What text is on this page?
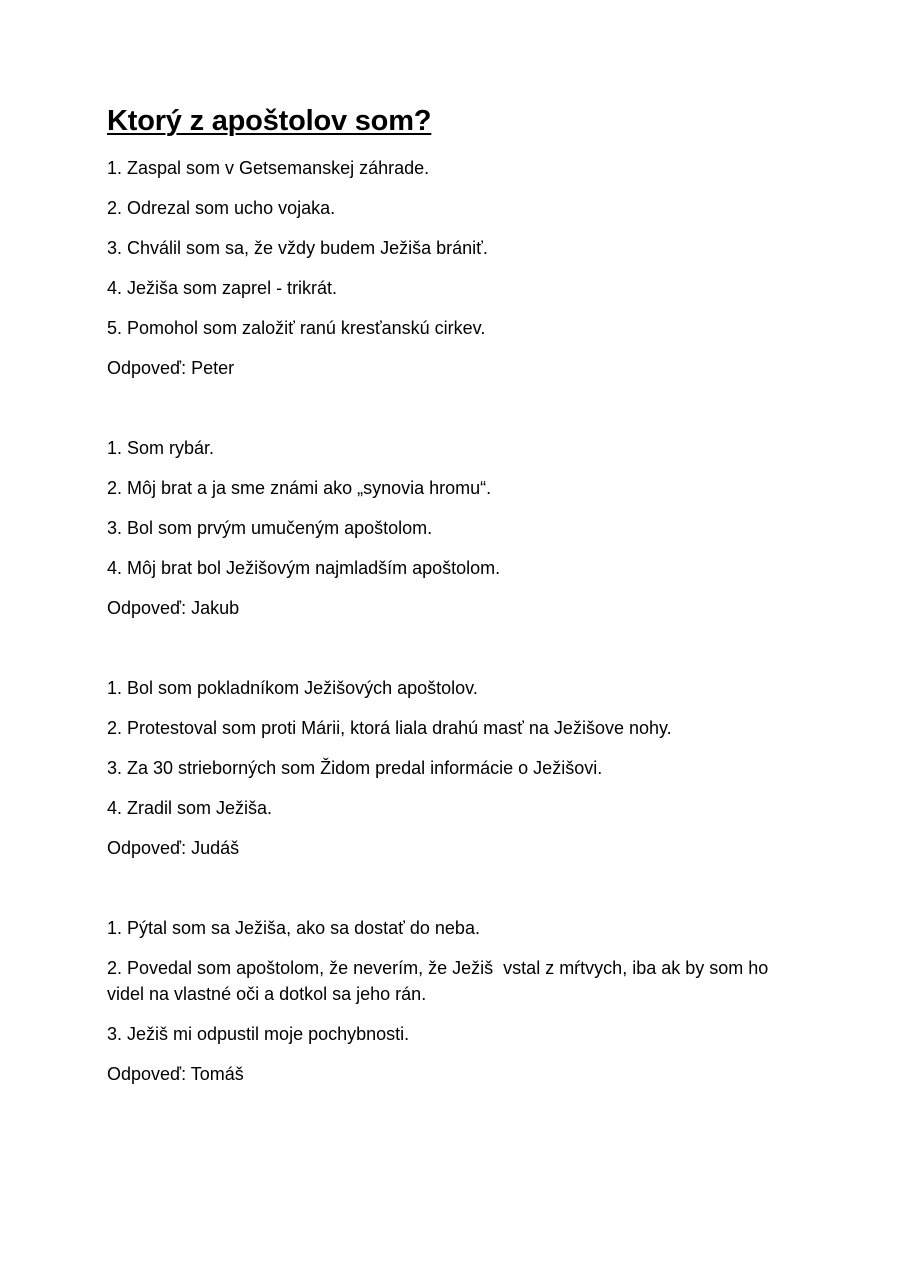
Ktorý z apoštolov som?
1. Zaspal som v Getsemanskej záhrade.
2. Odrezal som ucho vojaka.
3. Chválil som sa, že vždy budem Ježiša brániť.
4. Ježiša som zaprel - trikrát.
5. Pomohol som založiť ranú kresťanskú cirkev.
Odpoveď: Peter
1. Som rybár.
2. Môj brat a ja sme známi ako „synovia hromu“.
3. Bol som prvým umučeným apoštolom.
4. Môj brat bol Ježišovým najmladším apoštolom.
Odpoveď: Jakub
1. Bol som pokladníkom Ježišových apoštolov.
2. Protestoval som proti Márii, ktorá liala drahú masť na Ježišove nohy.
3. Za 30 strieborných som Židom predal informácie o Ježišovi.
4. Zradil som Ježiša.
Odpoveď: Judáš
1. Pýtal som sa Ježiša, ako sa dostať do neba.
2. Povedal som apoštolom, že neverím, že Ježiš  vstal z mŕtvych, iba ak by som ho videl na vlastné oči a dotkol sa jeho rán.
3. Ježiš mi odpustil moje pochybnosti.
Odpoveď: Tomáš
